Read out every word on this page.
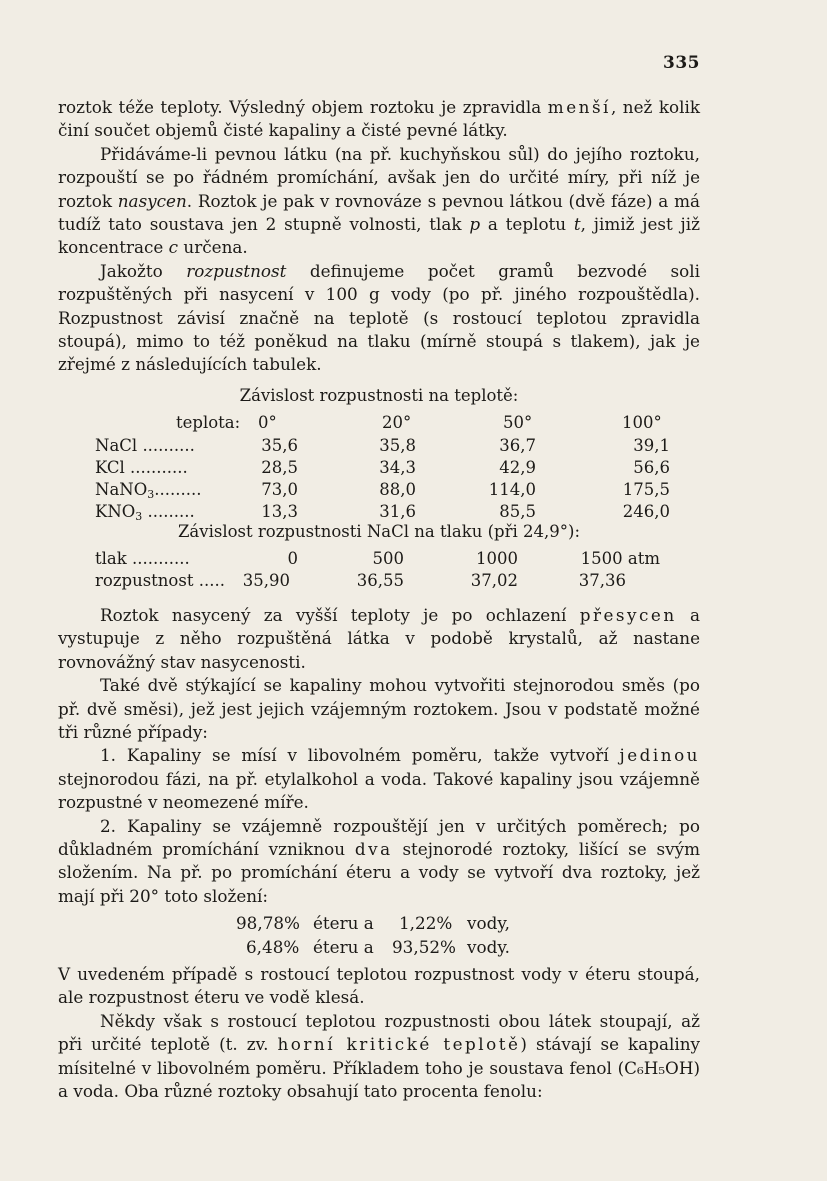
335

roztok téže teploty. Výsledný objem roztoku je zpravidla menší, než kolik činí součet objemů čisté kapaliny a čisté pevné látky.

Přidáváme-li pevnou látku (na př. kuchyňskou sůl) do jejího roztoku, rozpouští se po řádném promíchání, avšak jen do určité míry, při níž je roztok nasycen. Roztok je pak v rovnováze s pevnou látkou (dvě fáze) a má tudíž tato soustava jen 2 stupně volnosti, tlak p a teplotu t, jimiž jest již koncentrace c určena.

Jakožto rozpustnost definujeme počet gramů bezvodé soli rozpuštěných při nasycení v 100 g vody (po př. jiného rozpouštědla). Rozpustnost závisí značně na teplotě (s rostoucí teplotou zpravidla stoupá), mimo to též poněkud na tlaku (mírně stoupá s tlakem), jak je zřejmé z následujících tabulek.

Závislost rozpustnosti na teplotě:
teplota: 0°	20°	50°	100°
NaCl ..........	35,6	35,8	36,7	39,1
KCl ...........	28,5	34,3	42,9	56,6
NaNO$_3$.........	73,0	88,0	114,0	175,5
$KNO_3$ .........	13,3	31,6	85,5	246,0
Závislost rozpustnosti NaCl na tlaku (při 24,9°):
tlak ...........	0	500	1000	1500 atm
rozpustnost .....	35,90	36,55	37,02	37,36

Roztok nasycený za vyšší teploty je po ochlazení přesycen a vystupuje z něho rozpuštěná látka v podobě krystalů, až nastane rovnovážný stav nasycenosti.

Také dvě stýkající se kapaliny mohou vytvořiti stejnorodou směs (po př. dvě směsi), jež jest jejich vzájemným roztokem. Jsou v podstatě možné tři různé případy:

1. Kapaliny se mísí v libovolném poměru, takže vytvoří jedinou stejnorodou fázi, na př. etylalkohol a voda. Takové kapaliny jsou vzájemně rozpustné v neomezené míře.

2. Kapaliny se vzájemně rozpouštějí jen v určitých poměrech; po důkladném promíchání vzniknou dva stejnorodé roztoky, lišící se svým složením. Na př. po promíchání éteru a vody se vytvoří dva roztoky, jež mají při 20° toto složení:

98,78% éteru a 1,22% vody,
6,48% éteru a 93,52% vody.

V uvedeném případě s rostoucí teplotou rozpustnost vody v éteru stoupá, ale rozpustnost éteru ve vodě klesá.

Někdy však s rostoucí teplotou rozpustnosti obou látek stoupají, až při určité teplotě (t. zv. horní kritické teplotě) stávají se kapaliny mísitelné v libovolném poměru. Příkladem toho je soustava fenol (C₆H₅OH) a voda. Oba různé roztoky obsahují tato procenta fenolu:
